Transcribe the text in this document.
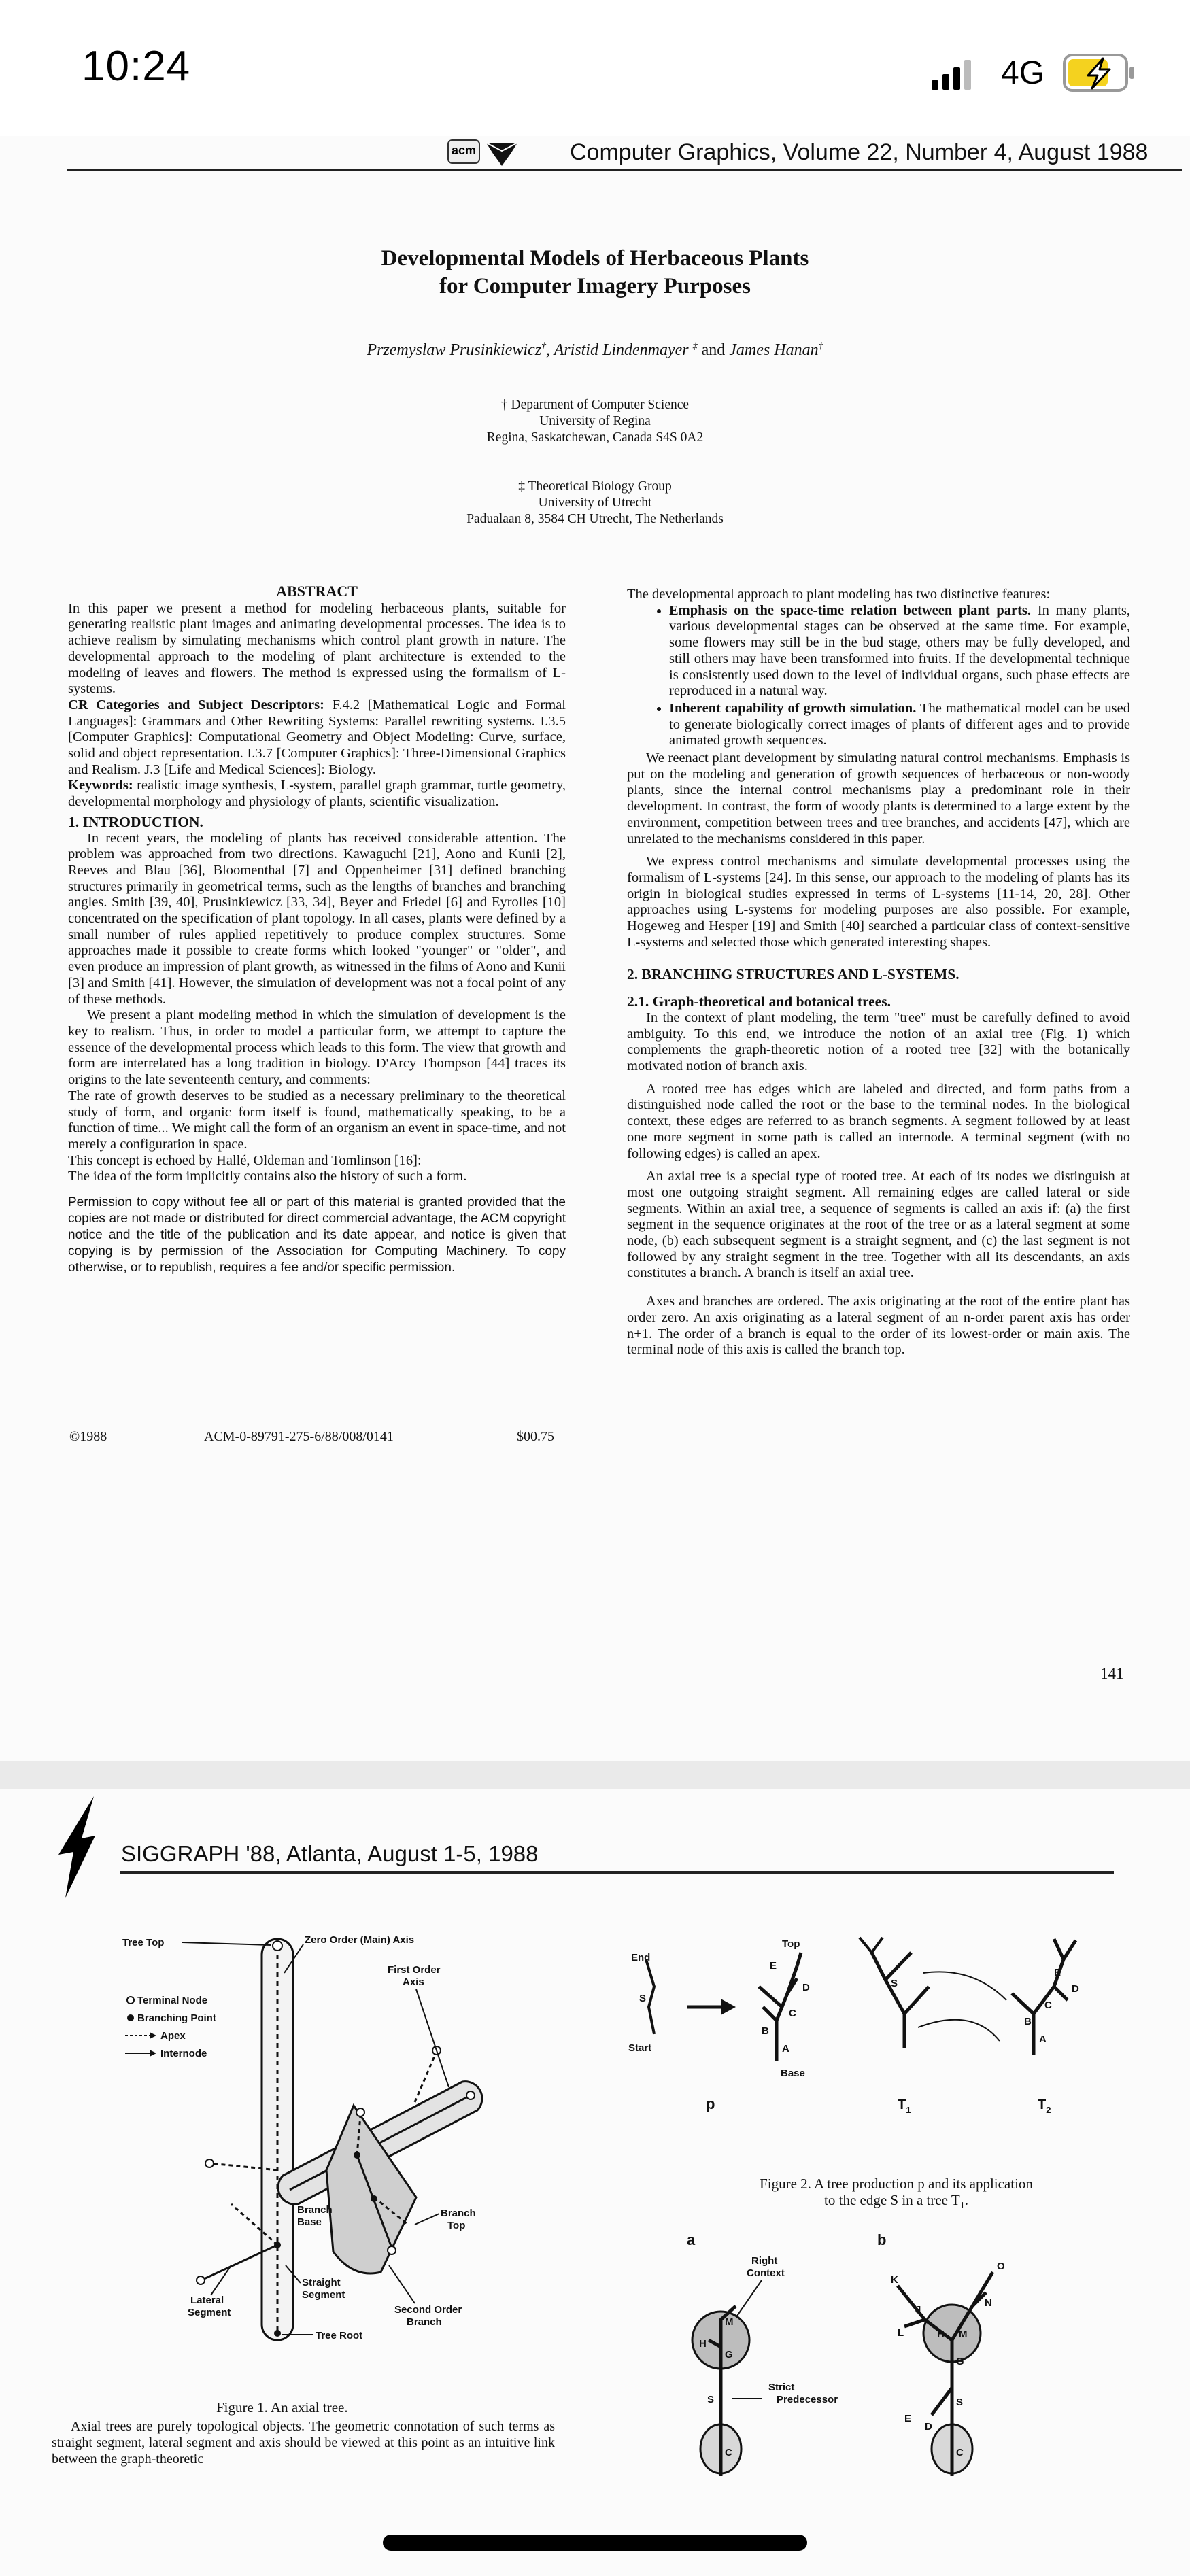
10:24	4G
acm	Computer Graphics, Volume 22, Number 4, August 1988
Developmental Models of Herbaceous Plants
for Computer Imagery Purposes
Przemyslaw Prusinkiewicz†, Aristid Lindenmayer ‡ and James Hanan†
† Department of Computer Science
University of Regina
Regina, Saskatchewan, Canada S4S 0A2
‡ Theoretical Biology Group
University of Utrecht
Padualaan 8, 3584 CH Utrecht, The Netherlands

ABSTRACT

In this paper we present a method for modeling herbaceous plants, suitable for generating realistic plant images and animating developmental processes. The idea is to achieve realism by simulating mechanisms which control plant growth in nature. The developmental approach to the modeling of plant architecture is extended to the modeling of leaves and flowers. The method is expressed using the formalism of L-systems.

CR Categories and Subject Descriptors: F.4.2 [Mathematical Logic and Formal Languages]: Grammars and Other Rewriting Systems: Parallel rewriting systems. I.3.5 [Computer Graphics]: Computational Geometry and Object Modeling: Curve, surface, solid and object representation. I.3.7 [Computer Graphics]: Three-Dimensional Graphics and Realism. J.3 [Life and Medical Sciences]: Biology.

Keywords: realistic image synthesis, L-system, parallel graph grammar, turtle geometry, developmental morphology and physiology of plants, scientific visualization.

1. INTRODUCTION.

In recent years, the modeling of plants has received considerable attention. The problem was approached from two directions. Kawaguchi [21], Aono and Kunii [2], Reeves and Blau [36], Bloomenthal [7] and Oppenheimer [31] defined branching structures primarily in geometrical terms, such as the lengths of branches and branching angles. Smith [39, 40], Prusinkiewicz [33, 34], Beyer and Friedel [6] and Eyrolles [10] concentrated on the specification of plant topology. In all cases, plants were defined by a small number of rules applied repetitively to produce complex structures. Some approaches made it possible to create forms which looked "younger" or "older", and even produce an impression of plant growth, as witnessed in the films of Aono and Kunii [3] and Smith [41]. However, the simulation of development was not a focal point of any of these methods.

We present a plant modeling method in which the simulation of development is the key to realism. Thus, in order to model a particular form, we attempt to capture the essence of the developmental process which leads to this form. The view that growth and form are interrelated has a long tradition in biology. D'Arcy Thompson [44] traces its origins to the late seventeenth century, and comments:

The rate of growth deserves to be studied as a necessary preliminary to the theoretical study of form, and organic form itself is found, mathematically speaking, to be a function of time... We might call the form of an organism an event in space-time, and not merely a configuration in space.

This concept is echoed by Hallé, Oldeman and Tomlinson [16]:

The idea of the form implicitly contains also the history of such a form.

Permission to copy without fee all or part of this material is granted provided that the copies are not made or distributed for direct commercial advantage, the ACM copyright notice and the title of the publication and its date appear, and notice is given that copying is by permission of the Association for Computing Machinery. To copy otherwise, or to republish, requires a fee and/or specific permission.

©1988	ACM-0-89791-275-6/88/008/0141	$00.75

The developmental approach to plant modeling has two distinctive features:

• Emphasis on the space-time relation between plant parts. In many plants, various developmental stages can be observed at the same time. For example, some flowers may still be in the bud stage, others may be fully developed, and still others may have been transformed into fruits. If the developmental technique is consistently used down to the level of individual organs, such phase effects are reproduced in a natural way.
• Inherent capability of growth simulation. The mathematical model can be used to generate biologically correct images of plants of different ages and to provide animated growth sequences.

We reenact plant development by simulating natural control mechanisms. Emphasis is put on the modeling and generation of growth sequences of herbaceous or non-woody plants, since the internal control mechanisms play a predominant role in their development. In contrast, the form of woody plants is determined to a large extent by the environment, competition between trees and tree branches, and accidents [47], which are unrelated to the mechanisms considered in this paper.

We express control mechanisms and simulate developmental processes using the formalism of L-systems [24]. In this sense, our approach to the modeling of plants has its origin in biological studies expressed in terms of L-systems [11-14, 20, 28]. Other approaches using L-systems for modeling purposes are also possible. For example, Hogeweg and Hesper [19] and Smith [40] searched a particular class of context-sensitive L-systems and selected those which generated interesting shapes.

2. BRANCHING STRUCTURES AND L-SYSTEMS.

2.1. Graph-theoretical and botanical trees.

In the context of plant modeling, the term "tree" must be carefully defined to avoid ambiguity. To this end, we introduce the notion of an axial tree (Fig. 1) which complements the graph-theoretic notion of a rooted tree [32] with the botanically motivated notion of branch axis.

A rooted tree has edges which are labeled and directed, and form paths from a distinguished node called the root or the base to the terminal nodes. In the biological context, these edges are referred to as branch segments. A segment followed by at least one more segment in some path is called an internode. A terminal segment (with no following edges) is called an apex.

An axial tree is a special type of rooted tree. At each of its nodes we distinguish at most one outgoing straight segment. All remaining edges are called lateral or side segments. Within an axial tree, a sequence of segments is called an axis if: (a) the first segment in the sequence originates at the root of the tree or as a lateral segment at some node, (b) each subsequent segment is a straight segment, and (c) the last segment is not followed by any straight segment in the tree. Together with all its descendants, an axis constitutes a branch. A branch is itself an axial tree.

Axes and branches are ordered. The axis originating at the root of the entire plant has order zero. An axis originating as a lateral segment of an n-order parent axis has order n+1. The order of a branch is equal to the order of its lowest-order or main axis. The terminal node of this axis is called the branch top.

141
SIGGRAPH '88, Atlanta, August 1-5, 1988
Tree Top	Zero Order (Main) Axis
First Order
Axis
Terminal Node
Branching Point
Apex
Internode
Branch
Base
Branch
Top
Straight
Segment
Lateral
Segment	Second Order
Branch
Tree Root
Figure 1. An axial tree.
End
S
Start
Top
E
D
C
B
A
Base
S
E
D
C
B
A
p	$T_1$	$T_2$
Figure 2. A tree production p and its application
to the edge S in a tree $T_1$.
a	b
Right
Context
M
H
G
S
Strict
Predecessor
C
K
J
L
O
N
H M
G
E
D
S
C

Axial trees are purely topological objects. The geometric connotation of such terms as straight segment, lateral segment and axis should be viewed at this point as an intuitive link between the graph-theoretic
